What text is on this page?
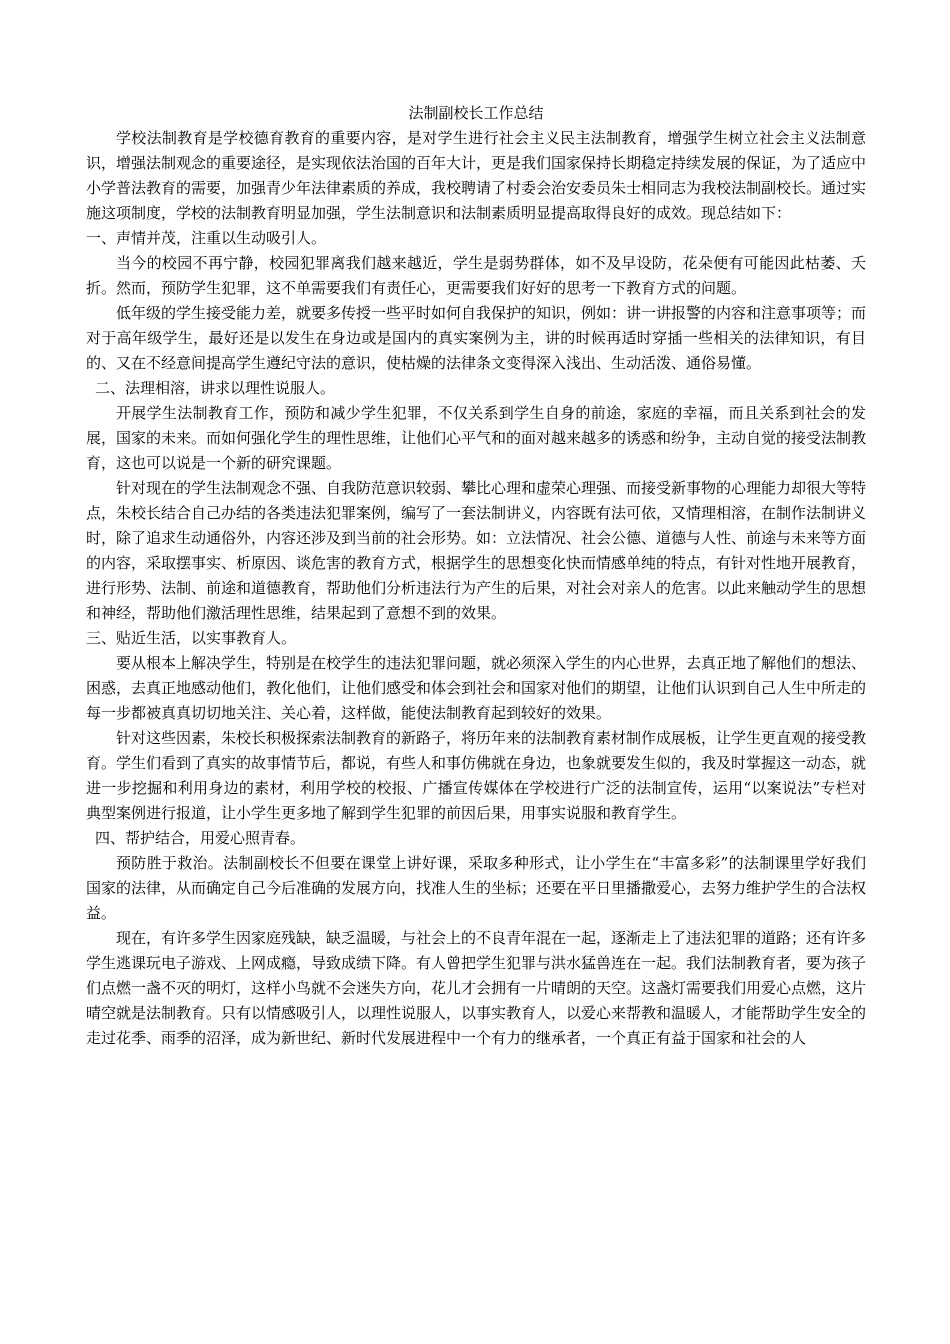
法制副校长工作总结

学校法制教育是学校德育教育的重要内容，是对学生进行社会主义民主法制教育，增强学生树立社会主义法制意识，增强法制观念的重要途径，是实现依法治国的百年大计，更是我们国家保持长期稳定持续发展的保证，为了适应中小学普法教育的需要，加强青少年法律素质的养成，我校聘请了村委会治安委员朱士相同志为我校法制副校长。通过实施这项制度，学校的法制教育明显加强，学生法制意识和法制素质明显提高取得良好的成效。现总结如下：

一、声情并茂，注重以生动吸引人。

当今的校园不再宁静，校园犯罪离我们越来越近，学生是弱势群体，如不及早设防，花朵便有可能因此枯萎、夭折。然而，预防学生犯罪，这不单需要我们有责任心，更需要我们好好的思考一下教育方式的问题。

低年级的学生接受能力差，就要多传授一些平时如何自我保护的知识，例如：讲一讲报警的内容和注意事项等；而对于高年级学生，最好还是以发生在身边或是国内的真实案例为主，讲的时候再适时穿插一些相关的法律知识，有目的、又在不经意间提高学生遵纪守法的意识，使枯燥的法律条文变得深入浅出、生动活泼、通俗易懂。

二、法理相溶，讲求以理性说服人。

开展学生法制教育工作，预防和减少学生犯罪，不仅关系到学生自身的前途，家庭的幸福，而且关系到社会的发展，国家的未来。而如何强化学生的理性思维，让他们心平气和的面对越来越多的诱惑和纷争，主动自觉的接受法制教育，这也可以说是一个新的研究课题。

针对现在的学生法制观念不强、自我防范意识较弱、攀比心理和虚荣心理强、而接受新事物的心理能力却很大等特点，朱校长结合自己办结的各类违法犯罪案例，编写了一套法制讲义，内容既有法可依，又情理相溶，在制作法制讲义时，除了追求生动通俗外，内容还涉及到当前的社会形势。如：立法情况、社会公德、道德与人性、前途与未来等方面的内容，采取摆事实、析原因、谈危害的教育方式，根据学生的思想变化快而情感单纯的特点，有针对性地开展教育，进行形势、法制、前途和道德教育，帮助他们分析违法行为产生的后果，对社会对亲人的危害。以此来触动学生的思想和神经，帮助他们激活理性思维，结果起到了意想不到的效果。

三、贴近生活，以实事教育人。

要从根本上解决学生，特别是在校学生的违法犯罪问题，就必须深入学生的内心世界，去真正地了解他们的想法、困惑，去真正地感动他们，教化他们，让他们感受和体会到社会和国家对他们的期望，让他们认识到自己人生中所走的每一步都被真真切切地关注、关心着，这样做，能使法制教育起到较好的效果。

针对这些因素，朱校长积极探索法制教育的新路子，将历年来的法制教育素材制作成展板，让学生更直观的接受教育。学生们看到了真实的故事情节后，都说，有些人和事仿佛就在身边，也象就要发生似的，我及时掌握这一动态，就进一步挖掘和利用身边的素材，利用学校的校报、广播宣传媒体在学校进行广泛的法制宣传，运用“以案说法”专栏对典型案例进行报道，让小学生更多地了解到学生犯罪的前因后果，用事实说服和教育学生。

四、帮护结合，用爱心照青春。

预防胜于救治。法制副校长不但要在课堂上讲好课，采取多种形式，让小学生在“丰富多彩”的法制课里学好我们国家的法律，从而确定自己今后准确的发展方向，找准人生的坐标；还要在平日里播撒爱心，去努力维护学生的合法权益。

现在，有许多学生因家庭残缺，缺乏温暖，与社会上的不良青年混在一起，逐渐走上了违法犯罪的道路；还有许多学生逃课玩电子游戏、上网成瘾，导致成绩下降。有人曾把学生犯罪与洪水猛兽连在一起。我们法制教育者，要为孩子们点燃一盏不灭的明灯，这样小鸟就不会迷失方向，花儿才会拥有一片晴朗的天空。这盏灯需要我们用爱心点燃，这片晴空就是法制教育。只有以情感吸引人，以理性说服人，以事实教育人，以爱心来帮教和温暖人，才能帮助学生安全的走过花季、雨季的沼泽，成为新世纪、新时代发展进程中一个有力的继承者，一个真正有益于国家和社会的人
